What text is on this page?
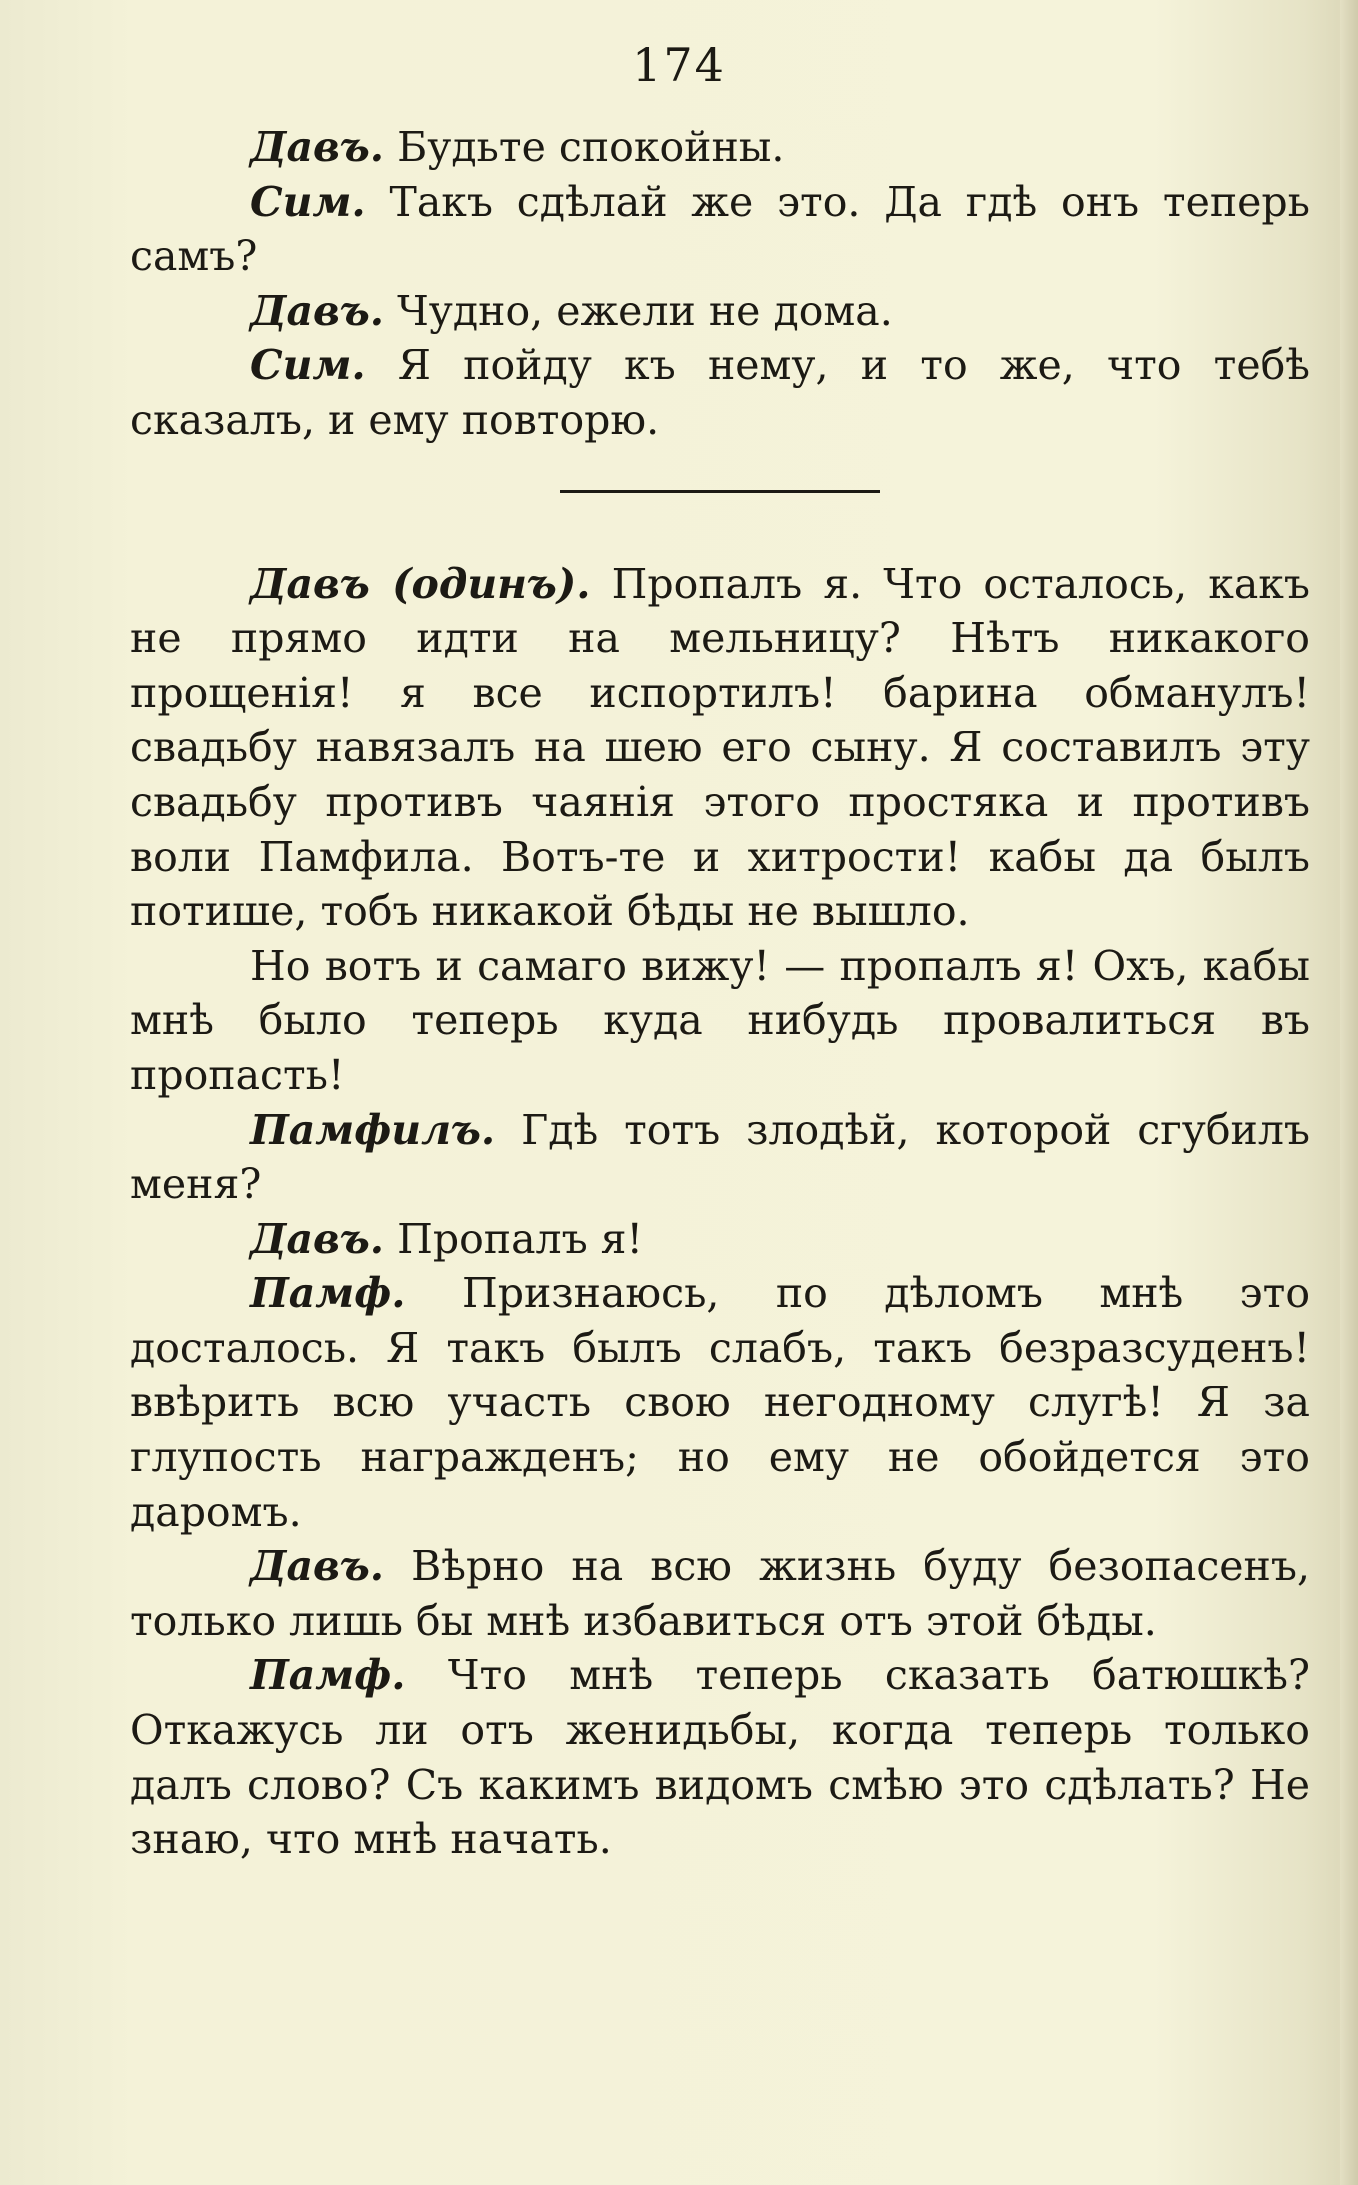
174

Давъ. Будьте спокойны.

Сим. Такъ сдѣлай же это. Да гдѣ онъ теперь самъ?

Давъ. Чудно, ежели не дома.

Сим. Я пойду къ нему, и то же, что тебѣ сказалъ, и ему повторю.

Давъ (одинъ). Пропалъ я. Что осталось, какъ не прямо идти на мельницу? Нѣтъ никакого прощенія! я все испортилъ! барина обманулъ! свадьбу навязалъ на шею его сыну. Я составилъ эту свадьбу противъ чаянія этого простяка и противъ воли Памфила. Вотъ-те и хитрости! кабы да былъ потише, тобъ никакой бѣды не вышло.

Но вотъ и самаго вижу! — пропалъ я! Охъ, кабы мнѣ было теперь куда нибудь провалиться въ пропасть!

Памфилъ. Гдѣ тотъ злодѣй, которой сгубилъ меня?

Давъ. Пропалъ я!

Памф. Признаюсь, по дѣломъ мнѣ это досталось. Я такъ былъ слабъ, такъ безразсуденъ! ввѣрить всю участь свою негодному слугѣ! Я за глупость награжденъ; но ему не обойдется это даромъ.

Давъ. Вѣрно на всю жизнь буду безопасенъ, только лишь бы мнѣ избавиться отъ этой бѣды.

Памф. Что мнѣ теперь сказать батюшкѣ? Откажусь ли отъ женидьбы, когда теперь только далъ слово? Съ какимъ видомъ смѣю это сдѣлать? Не знаю, что мнѣ начать.
